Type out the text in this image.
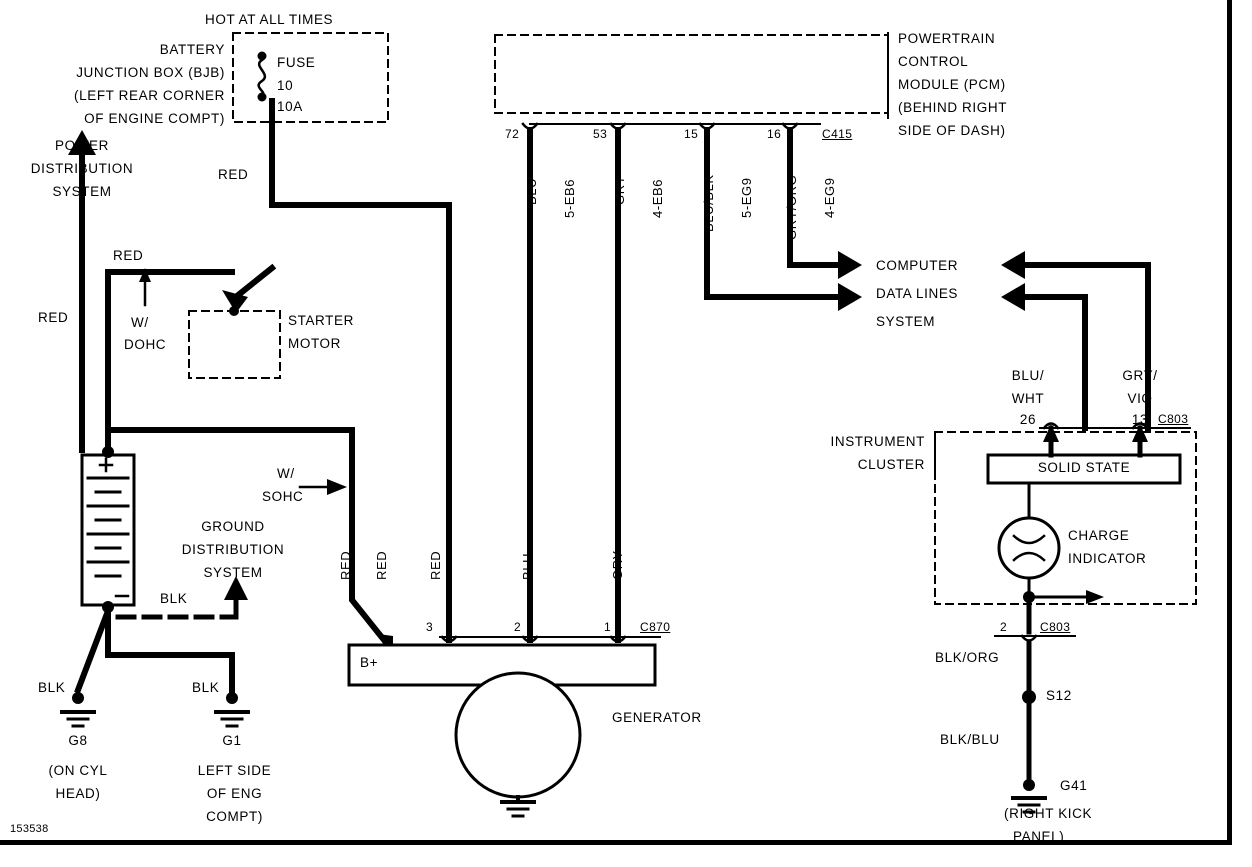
HOT AT ALL TIMES
BATTERY
JUNCTION BOX (BJB)
(LEFT REAR CORNER
OF ENGINE COMPT)
FUSE
10
10A
POWERTRAIN
CONTROL
MODULE (PCM)
(BEHIND RIGHT
SIDE OF DASH)
72	53	15	16	C415
BLU 5-EB6	GRY 4-EB6	BLU/BLK 5-EG9 GRY/ORG 4-EG9
RED
RED
RED
POWER
DISTRIBUTION
SYSTEM
W/
DOHC
STARTER
MOTOR
W/
SOHC
GROUND
DISTRIBUTION
SYSTEM
BLK
RED RED	RED	BLU	GRY
3	2	1 C870
B+
GENERATOR
BLK	BLK
G8
(ON CYL
HEAD)
G1
LEFT SIDE
OF ENG
COMPT)
COMPUTER
DATA LINES
SYSTEM
BLU/
WHT
26
GRY/
VIO
13 C803
INSTRUMENT
CLUSTER	SOLID STATE
CHARGE
INDICATOR
2	C803
BLK/ORG
S12
BLK/BLU
G41
(RIGHT KICK
PANEL)
153538
